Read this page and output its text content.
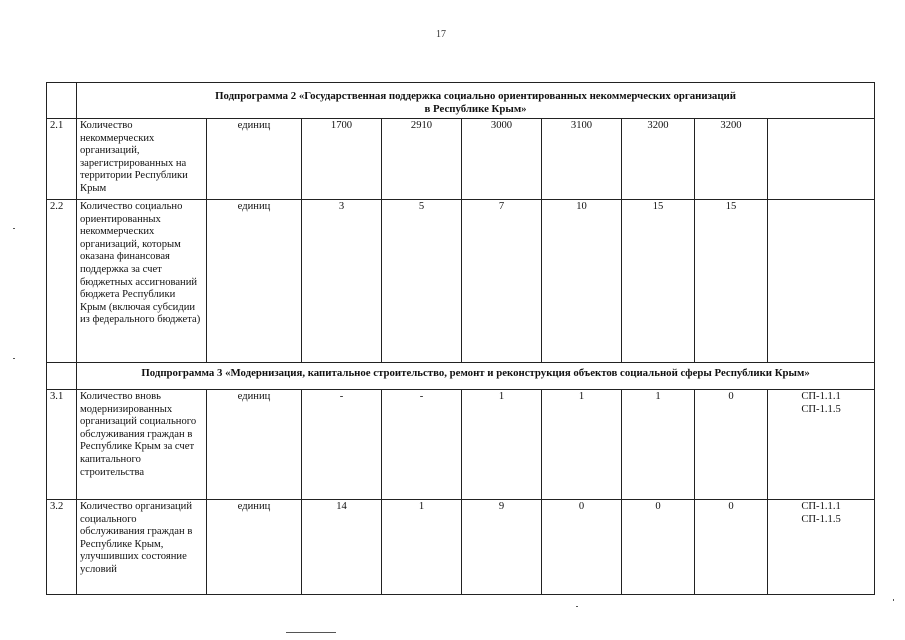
17
	Подпрограмма 2 «Государственная поддержка социально ориентированных некоммерческих организаций
в Республике Крым»								
2.1	Количество некоммерческих организаций, зарегистрированных на территории Республики Крым	единиц	1700	2910	3000	3100	3200	3200	
2.2	Количество социально ориентированных некоммерческих организаций, которым оказана финансовая поддержка за счет бюджетных ассигнований бюджета Республики Крым (включая субсидии из федерального бюджета)	единиц	3	5	7	10	15	15	
	Подпрограмма 3 «Модернизация, капитальное строительство, ремонт и реконструкция объектов социальной сферы Республики Крым»								
3.1	Количество вновь модернизированных организаций социального обслуживания граждан в Республике Крым за счет капитального строительства	единиц	-	-	1	1	1	0	СП-1.1.1
СП-1.1.5

3.2	Количество организаций социального обслуживания граждан в Республике Крым, улучшивших состояние условий	единиц	14	1	9	0	0	0	СП-1.1.1
СП-1.1.5
